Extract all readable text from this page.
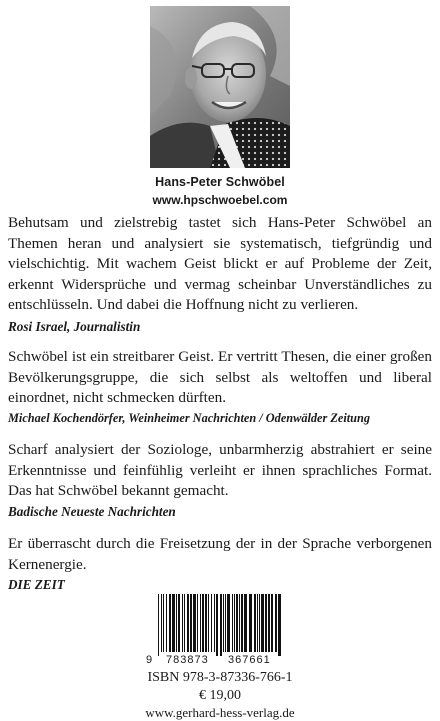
Hans-Peter Schwöbel
www.hpschwoebel.com

Behutsam und zielstrebig tastet sich Hans-Peter Schwöbel an Themen heran und analysiert sie systematisch, tiefgründig und vielschichtig. Mit wachem Geist blickt er auf Probleme der Zeit, erkennt Widersprüche und vermag scheinbar Unverständliches zu entschlüsseln. Und dabei die Hoffnung nicht zu verlieren.

Rosi Israel, Journalistin

Schwöbel ist ein streitbarer Geist. Er vertritt Thesen, die einer großen Bevölkerungsgruppe, die sich selbst als weltoffen und liberal einordnet, nicht schmecken dürften.

Michael Kochendörfer, Weinheimer Nachrichten / Odenwälder Zeitung

Scharf analysiert der Soziologe, unbarmherzig abstrahiert er seine Erkenntnisse und feinfühlig verleiht er ihnen sprachliches Format. Das hat Schwöbel bekannt gemacht.

Badische Neueste Nachrichten

Er überrascht durch die Freisetzung der in der Sprache verborgenen Kernenergie.

DIE ZEIT

9 783873 367661

ISBN 978-3-87336-766-1

€ 19,00

www.gerhard-hess-verlag.de
